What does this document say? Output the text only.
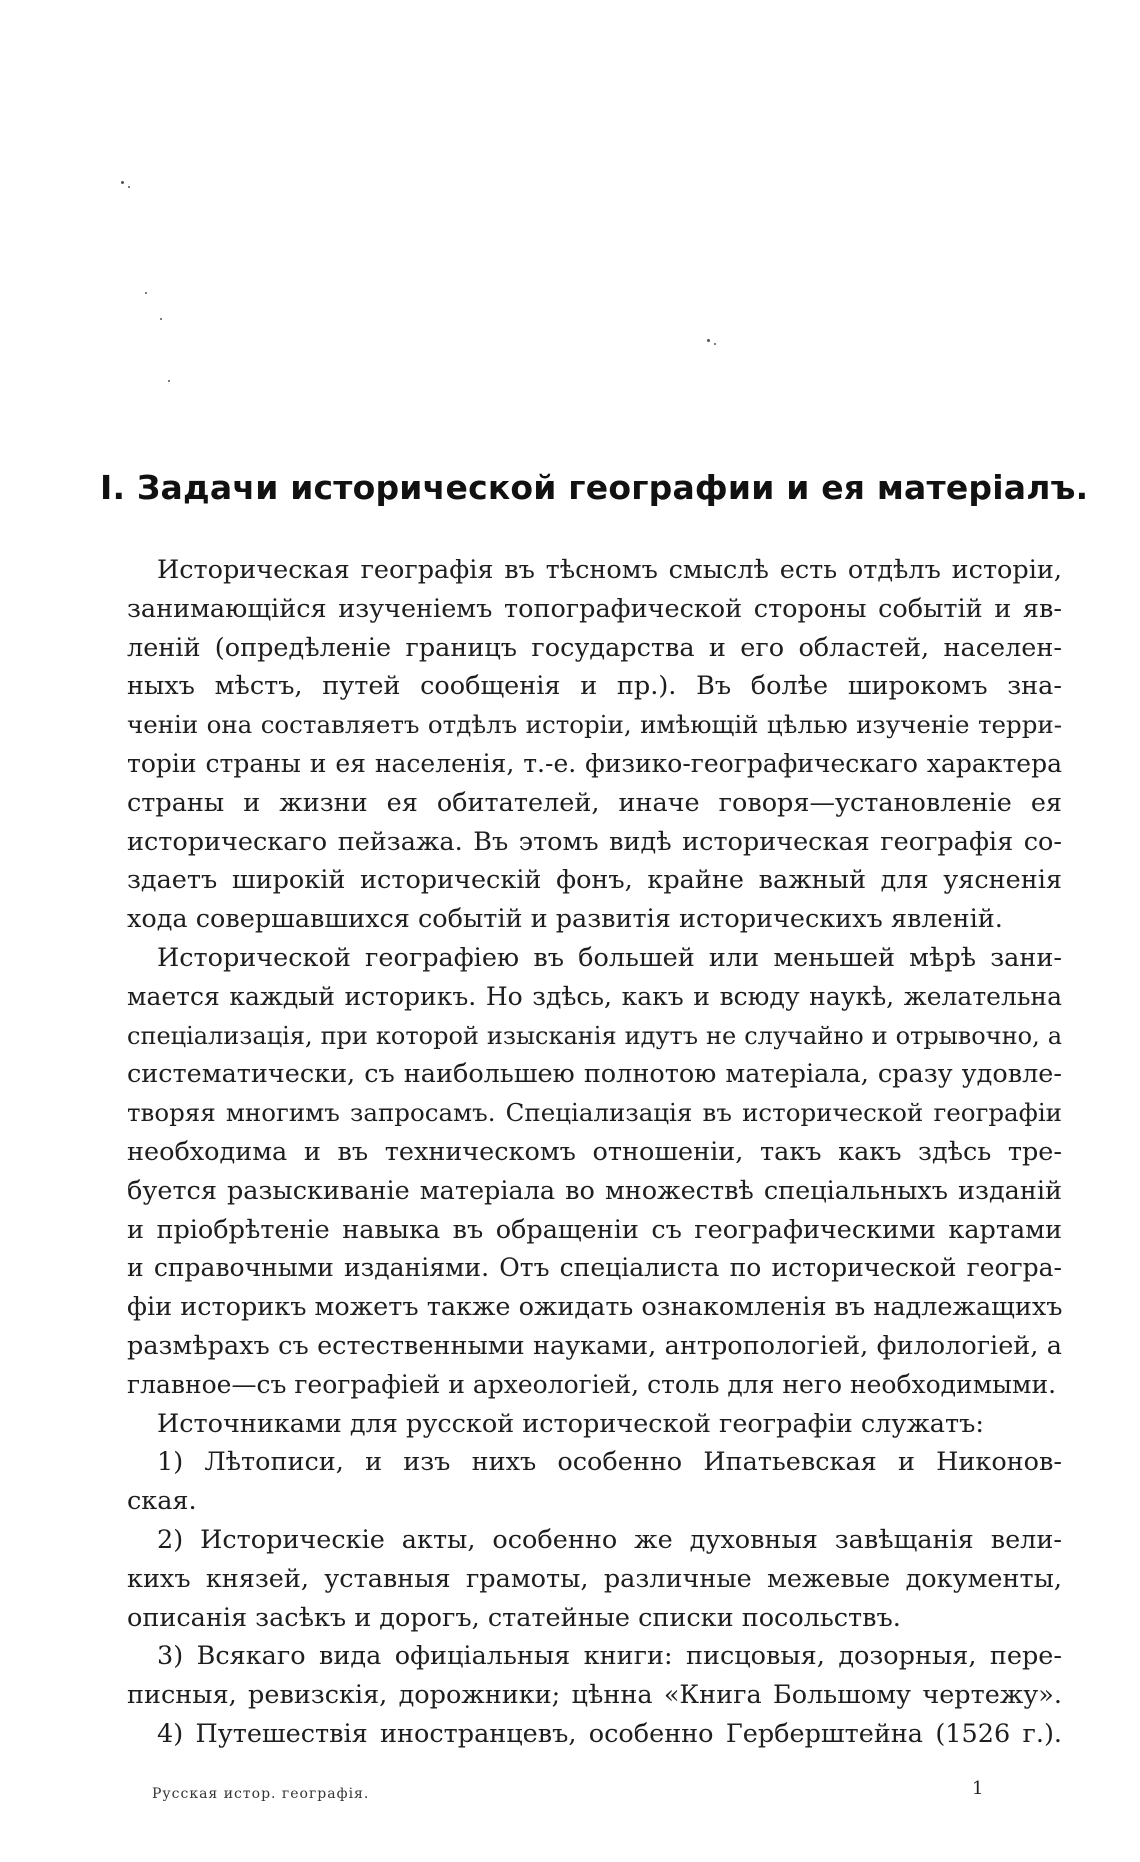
I. Задачи исторической географии и ея матеріалъ.
Историческая географія въ тѣсномъ смыслѣ есть отдѣлъ исторіи,
занимающійся изученіемъ топографической стороны событій и яв-
леній (опредѣленіе границъ государства и его областей, населен-
ныхъ мѣстъ, путей сообщенія и пр.). Въ болѣе широкомъ зна-
ченіи она составляетъ отдѣлъ исторіи, имѣющій цѣлью изученіе терри-
торіи страны и ея населенія, т.-е. физико-географическаго характера
страны и жизни ея обитателей, иначе говоря—установленіе ея
историческаго пейзажа. Въ этомъ видѣ историческая географія со-
здаетъ широкій историческій фонъ, крайне важный для уясненія
хода совершавшихся событій и развитія историческихъ явленій.
Исторической географіею въ большей или меньшей мѣрѣ зани-
мается каждый историкъ. Но здѣсь, какъ и всюду наукѣ, желательна
спеціализація, при которой изысканія идутъ не случайно и отрывочно, а
систематически, съ наибольшею полнотою матеріала, сразу удовле-
творяя многимъ запросамъ. Спеціализація въ исторической географіи
необходима и въ техническомъ отношеніи, такъ какъ здѣсь тре-
буется разыскиваніе матеріала во множествѣ спеціальныхъ изданій
и пріобрѣтеніе навыка въ обращеніи съ географическими картами
и справочными изданіями. Отъ спеціалиста по исторической геогра-
фіи историкъ можетъ также ожидать ознакомленія въ надлежащихъ
размѣрахъ съ естественными науками, антропологіей, филологіей, а
главное—съ географіей и археологіей, столь для него необходимыми.
Источниками для русской исторической географіи служатъ:
1) Лѣтописи, и изъ нихъ особенно Ипатьевская и Никонов-
ская.
2) Историческіе акты, особенно же духовныя завѣщанія вели-
кихъ князей, уставныя грамоты, различные межевые документы,
описанія засѣкъ и дорогъ, статейные списки посольствъ.
3) Всякаго вида офиціальныя книги: писцовыя, дозорныя, пере-
писныя, ревизскія, дорожники; цѣнна «Книга Большому чертежу».
4) Путешествія иностранцевъ, особенно Герберштейна (1526 г.).
Русская истор. географія.	1
